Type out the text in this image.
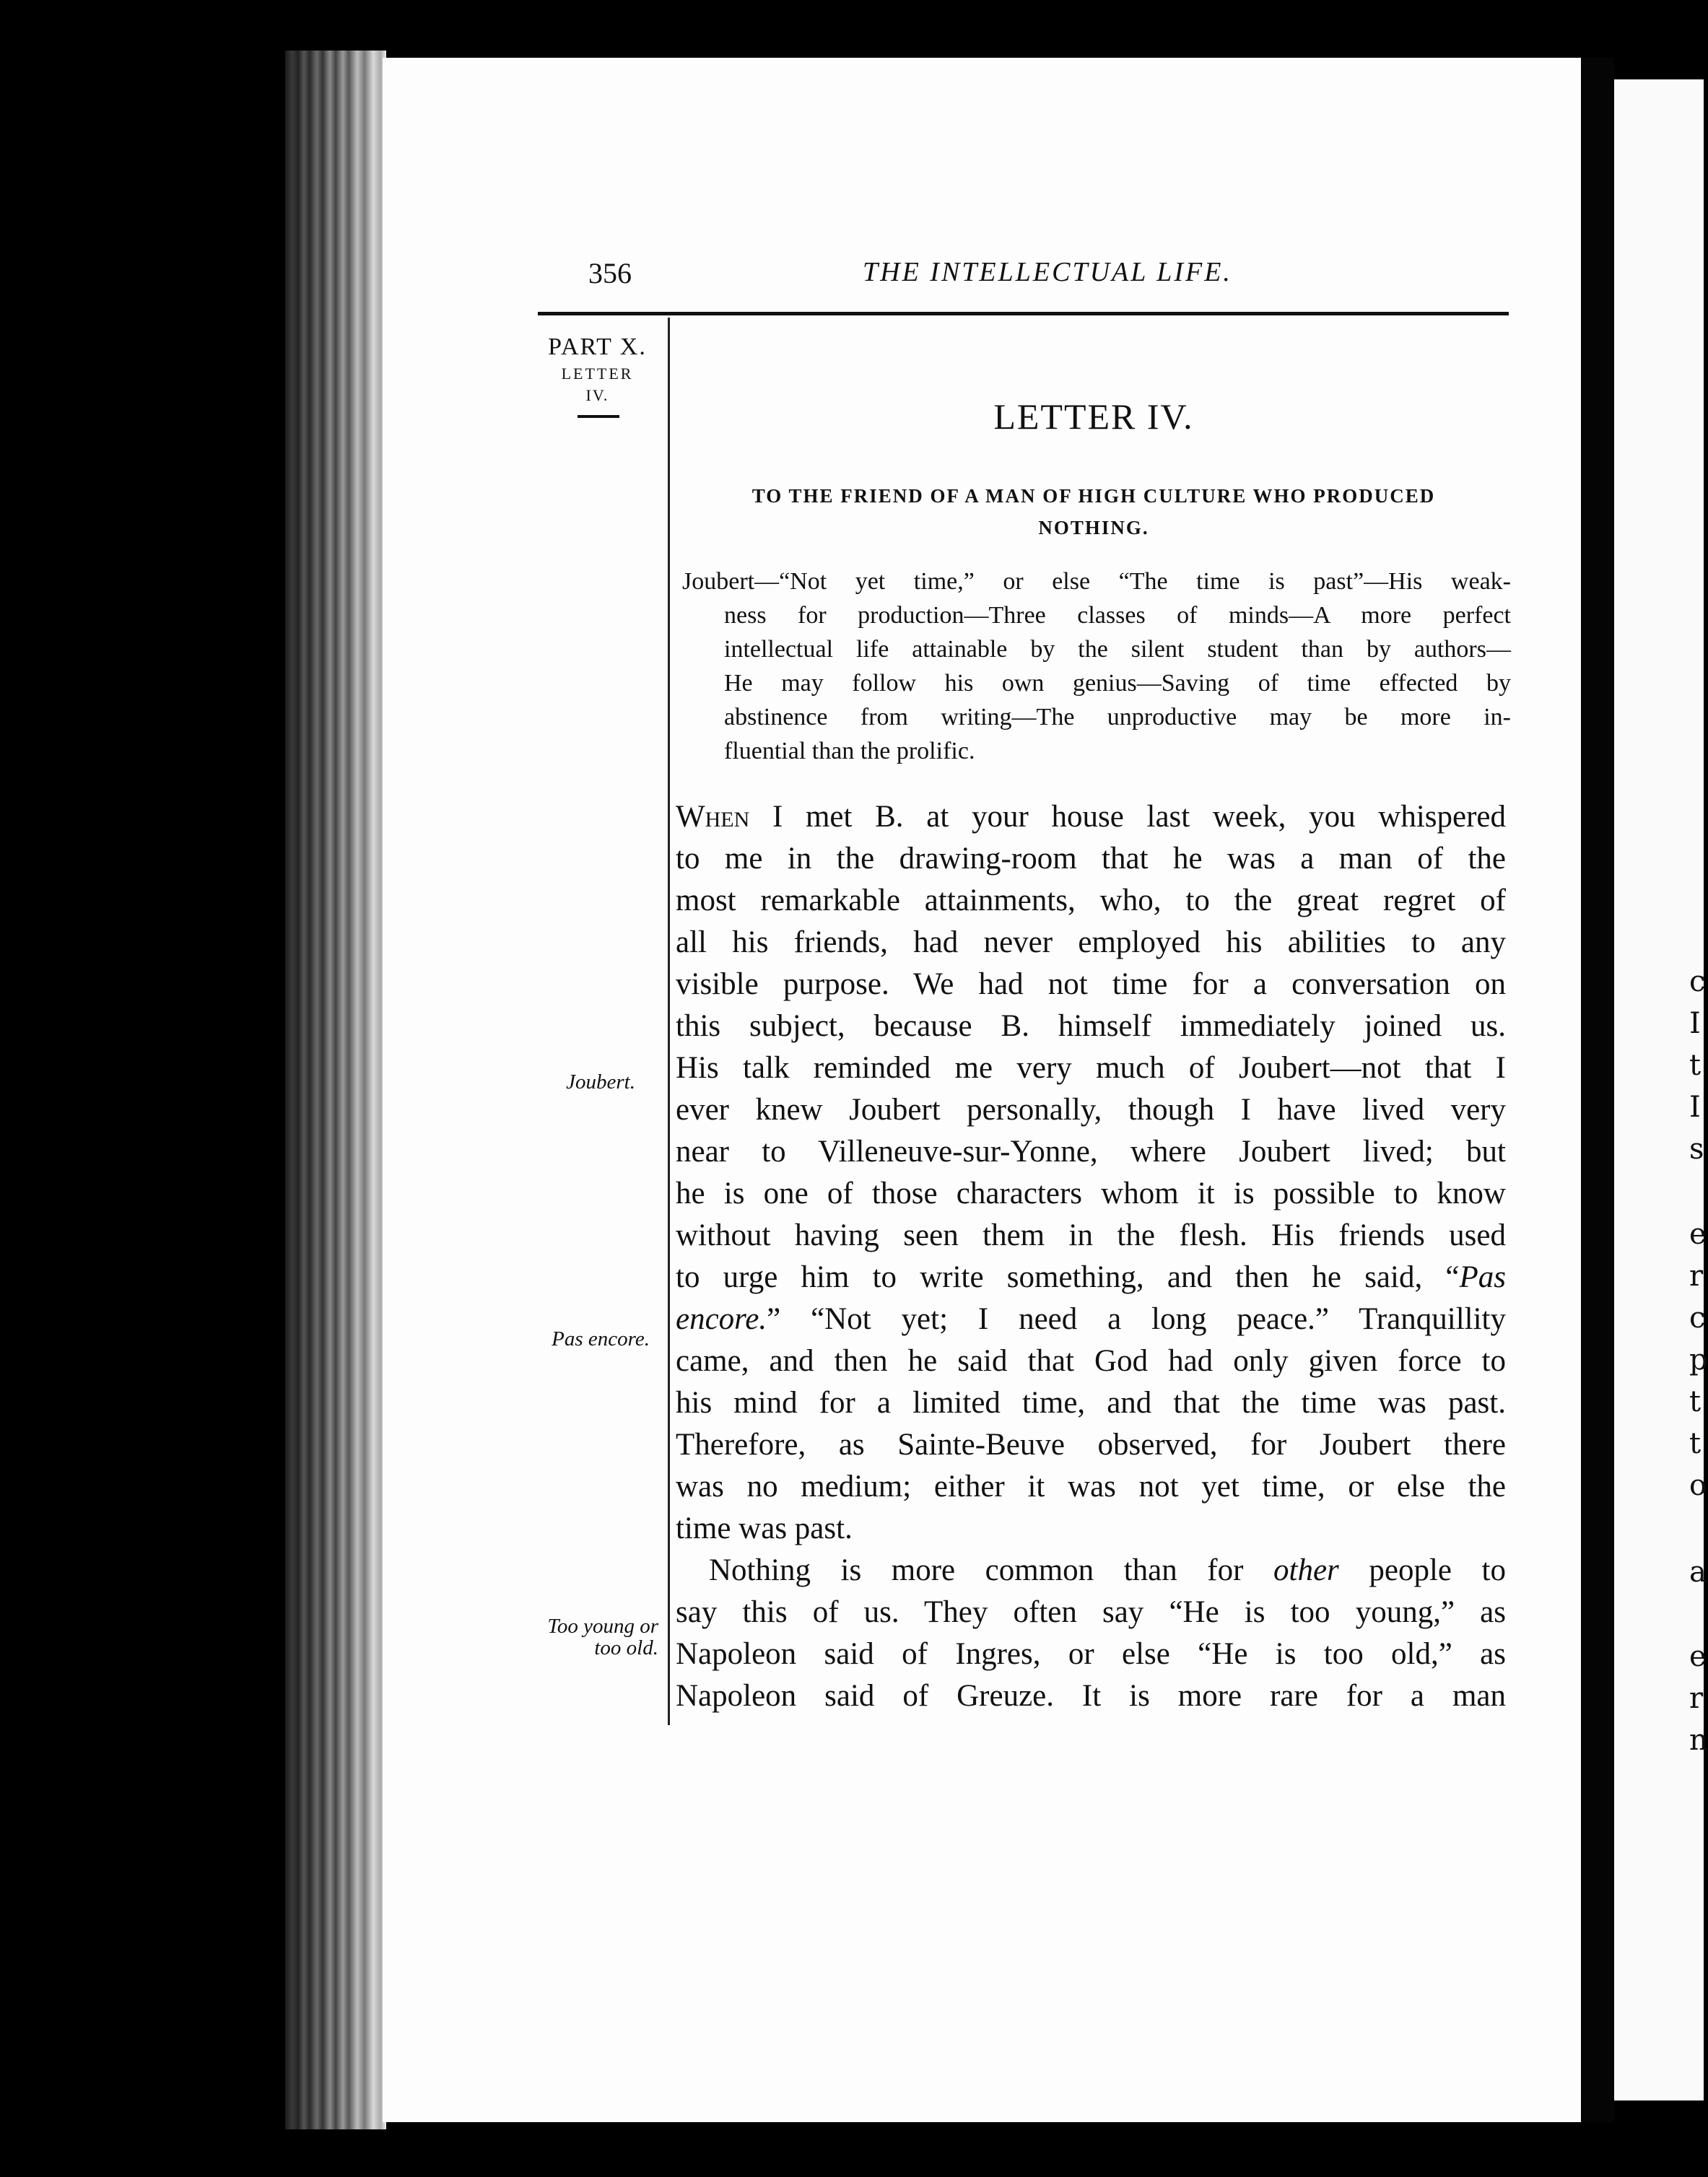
c
I
t
I
s
e
r
c
p
t
t
o
a
e
r
n
356	THE INTELLECTUAL LIFE.
PART X.
LETTER
IV.
Joubert.
Pas encore.
Too young or
too old.
LETTER IV.
TO THE FRIEND OF A MAN OF HIGH CULTURE WHO PRODUCED
NOTHING.
Joubert—“Not yet time,” or else “The time is past”—His weak-
ness for production—Three classes of minds—A more perfect
intellectual life attainable by the silent student than by authors—
He may follow his own genius—Saving of time effected by
abstinence from writing—The unproductive may be more in-
fluential than the prolific.
When I met B. at your house last week, you whispered
to me in the drawing-room that he was a man of the
most remarkable attainments, who, to the great regret of
all his friends, had never employed his abilities to any
visible purpose. We had not time for a conversation on
this subject, because B. himself immediately joined us.
His talk reminded me very much of Joubert—not that I
ever knew Joubert personally, though I have lived very
near to Villeneuve-sur-Yonne, where Joubert lived; but
he is one of those characters whom it is possible to know
without having seen them in the flesh. His friends used
to urge him to write something, and then he said, “Pas
encore.” “Not yet; I need a long peace.” Tranquillity
came, and then he said that God had only given force to
his mind for a limited time, and that the time was past.
Therefore, as Sainte-Beuve observed, for Joubert there
was no medium; either it was not yet time, or else the
time was past.
Nothing is more common than for other people to
say this of us. They often say “He is too young,” as
Napoleon said of Ingres, or else “He is too old,” as
Napoleon said of Greuze. It is more rare for a man
